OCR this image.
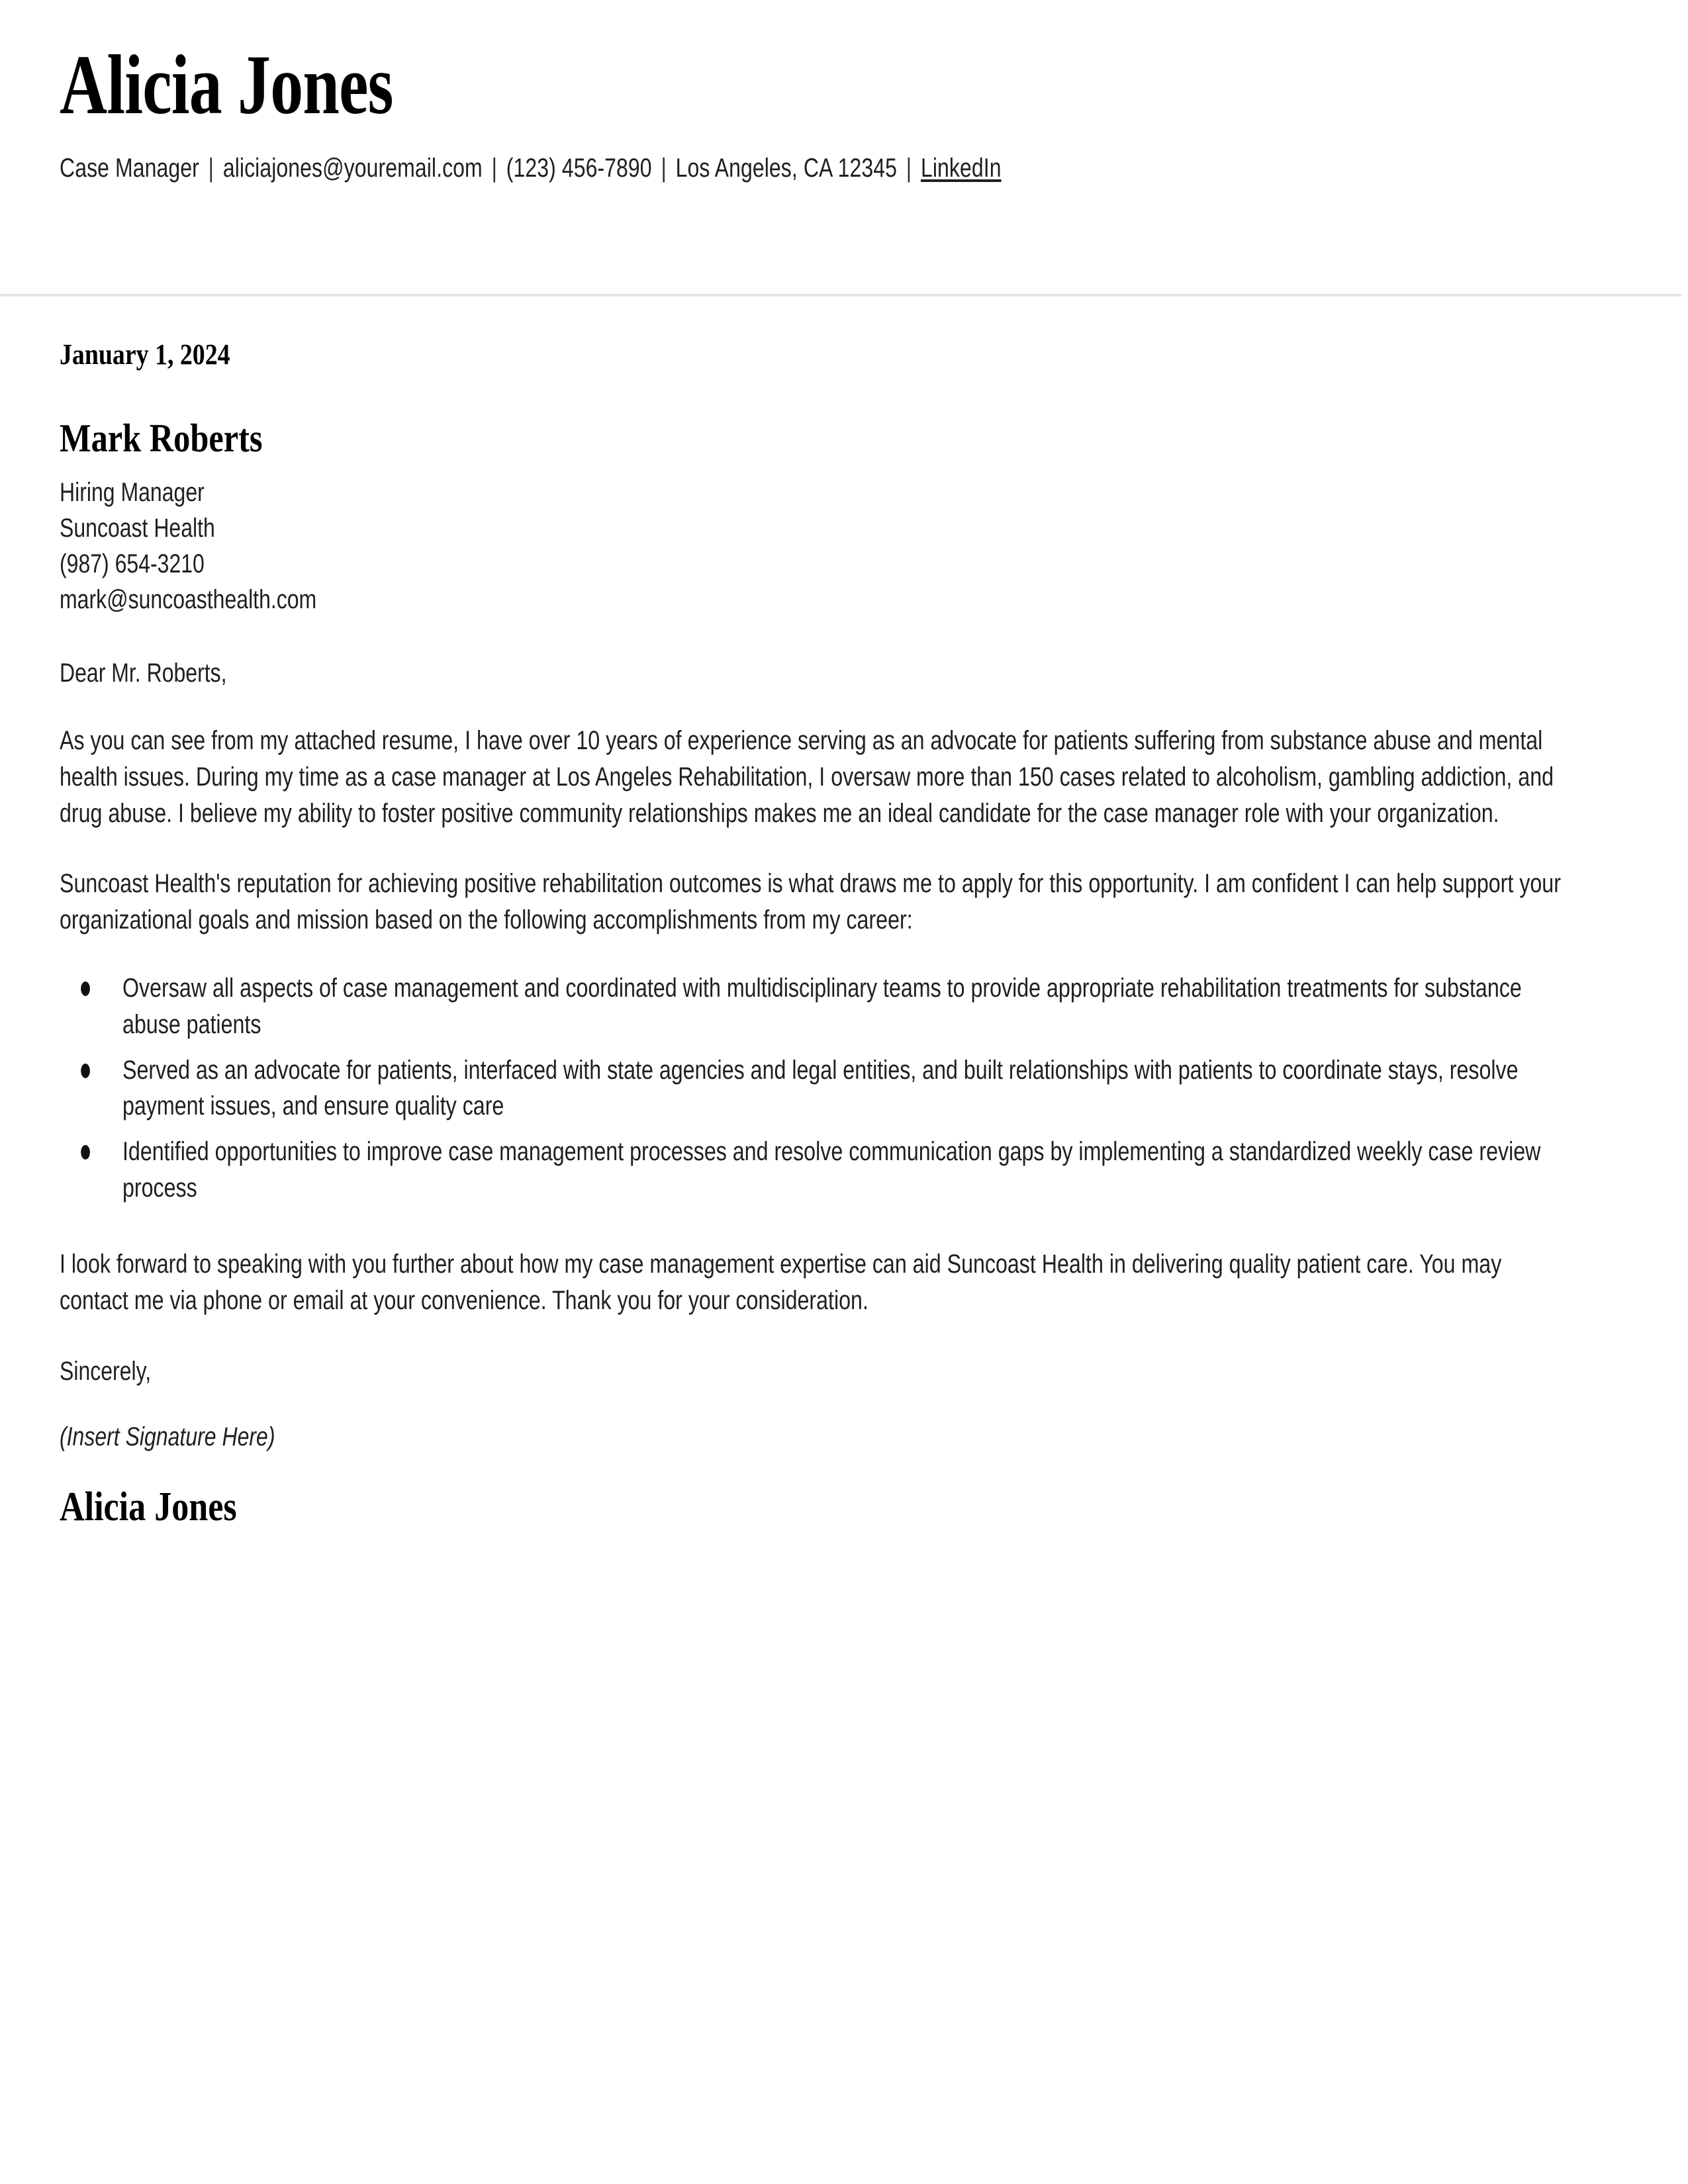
Alicia Jones
Case Manager | aliciajones@youremail.com | (123) 456-7890 | Los Angeles, CA 12345 | LinkedIn
January 1, 2024
Mark Roberts
Hiring Manager
Suncoast Health
(987) 654-3210
mark@suncoasthealth.com
Dear Mr. Roberts,

As you can see from my attached resume, I have over 10 years of experience serving as an advocate for patients suffering from substance abuse and mental health issues. During my time as a case manager at Los Angeles Rehabilitation, I oversaw more than 150 cases related to alcoholism, gambling addiction, and drug abuse. I believe my ability to foster positive community relationships makes me an ideal candidate for the case manager role with your organization.

Suncoast Health's reputation for achieving positive rehabilitation outcomes is what draws me to apply for this opportunity. I am confident I can help support your organizational goals and mission based on the following accomplishments from my career:

Oversaw all aspects of case management and coordinated with multidisciplinary teams to provide appropriate rehabilitation treatments for substance abuse patients
Served as an advocate for patients, interfaced with state agencies and legal entities, and built relationships with patients to coordinate stays, resolve payment issues, and ensure quality care
Identified opportunities to improve case management processes and resolve communication gaps by implementing a standardized weekly case review process

I look forward to speaking with you further about how my case management expertise can aid Suncoast Health in delivering quality patient care. You may contact me via phone or email at your convenience. Thank you for your consideration.

Sincerely,
(Insert Signature Here)
Alicia Jones
